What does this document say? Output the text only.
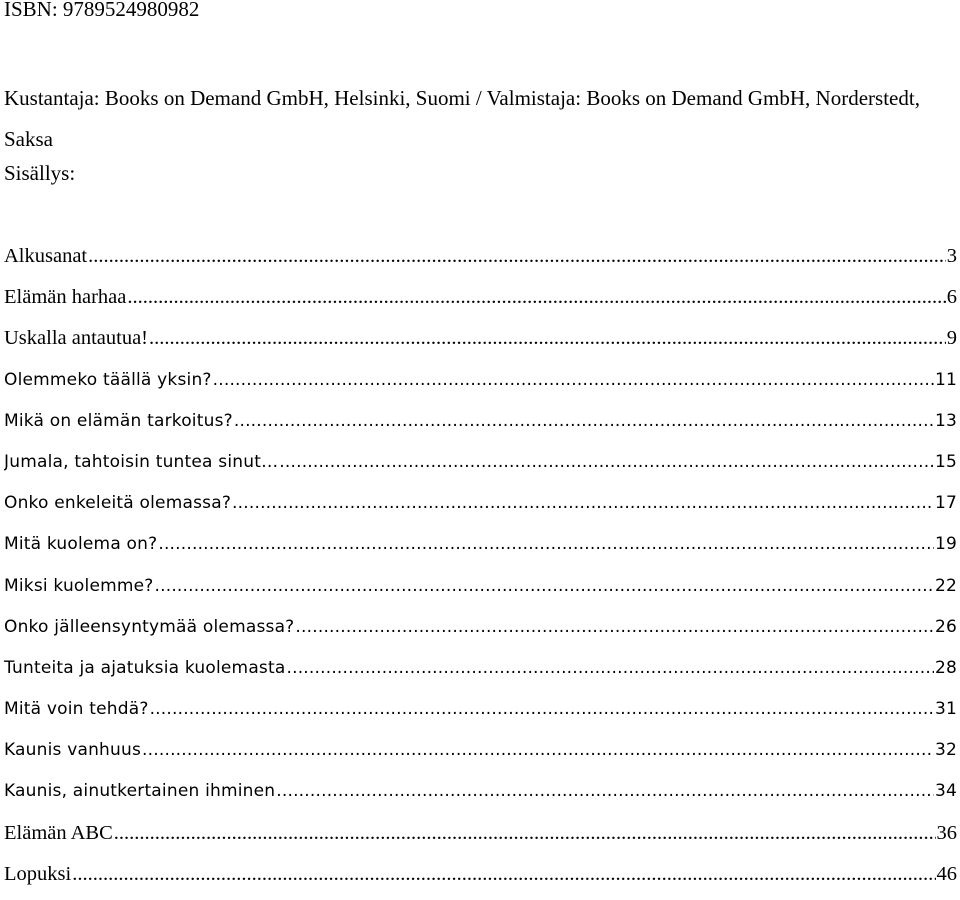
ISBN: 9789524980982
Kustantaja: Books on Demand GmbH, Helsinki, Suomi / Valmistaja: Books on Demand GmbH, Norderstedt, Saksa
Sisällys:
Alkusanat .....	3
Elämän harhaa .....	6
Uskalla antautua! .....	9
Olemmeko täällä yksin? .....	11
Mikä on elämän tarkoitus? .....	13
Jumala, tahtoisin tuntea sinut… .....	15
Onko enkeleitä olemassa? .....	17
Mitä kuolema on? .....	19
Miksi kuolemme? .....	22
Onko jälleensyntymää olemassa? .....	26
Tunteita ja ajatuksia kuolemasta .....	28
Mitä voin tehdä? .....	31
Kaunis vanhuus .....	32
Kaunis, ainutkertainen ihminen .....	34
Elämän ABC .....	36
Lopuksi .....	46
